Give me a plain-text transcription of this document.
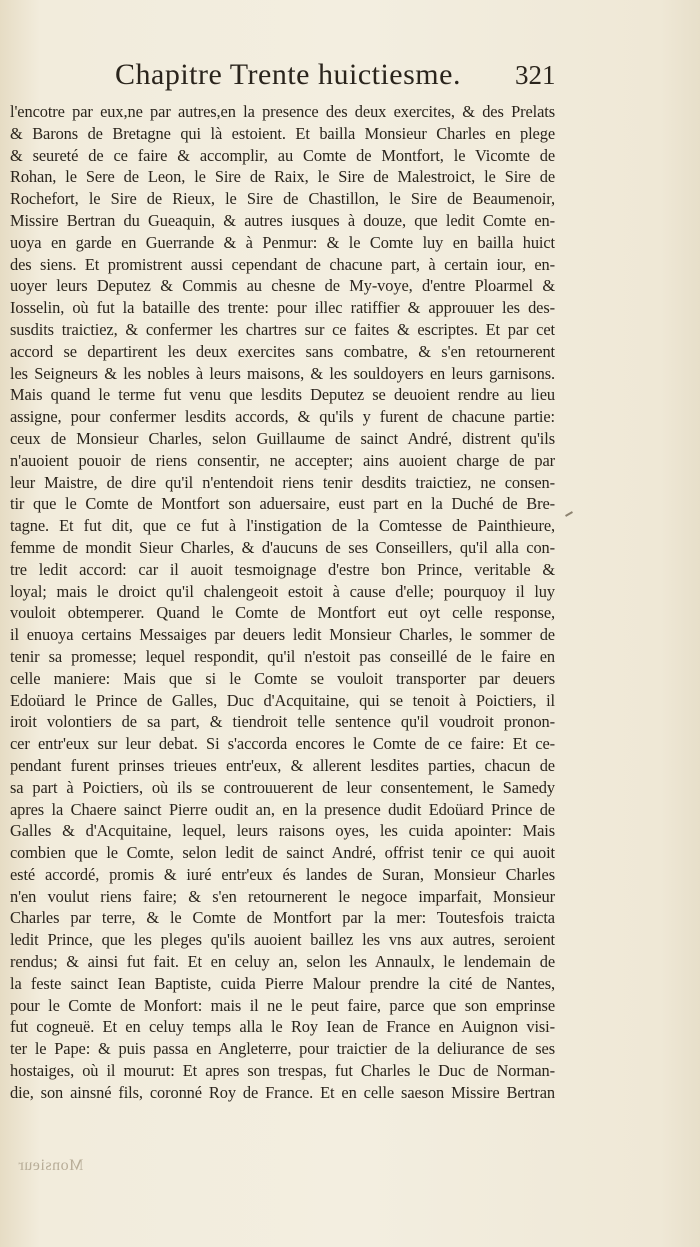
Chapitre Trente huictiesme. 321
l'encotre par eux,ne par autres,en la presence des deux exercites, & des Prelats
& Barons de Bretagne qui là estoient. Et bailla Monsieur Charles en plege
& seureté de ce faire & accomplir, au Comte de Montfort, le Vicomte de
Rohan, le Sere de Leon, le Sire de Raix, le Sire de Malestroict, le Sire de
Rochefort, le Sire de Rieux, le Sire de Chastillon, le Sire de Beaumenoir,
Missire Bertran du Gueaquin, & autres iusques à douze, que ledit Comte en-
uoya en garde en Guerrande & à Penmur: & le Comte luy en bailla huict
des siens. Et promistrent aussi cependant de chacune part, à certain iour, en-
uoyer leurs Deputez & Commis au chesne de My-voye, d'entre Ploarmel &
Iosselin, où fut la bataille des trente: pour illec ratiffier & approuuer les des-
susdits traictiez, & confermer les chartres sur ce faites & escriptes. Et par cet
accord se departirent les deux exercites sans combatre, & s'en retournerent
les Seigneurs & les nobles à leurs maisons, & les souldoyers en leurs garnisons.
Mais quand le terme fut venu que lesdits Deputez se deuoient rendre au lieu
assigne, pour confermer lesdits accords, & qu'ils y furent de chacune partie:
ceux de Monsieur Charles, selon Guillaume de sainct André, distrent qu'ils
n'auoient pouoir de riens consentir, ne accepter; ains auoient charge de par
leur Maistre, de dire qu'il n'entendoit riens tenir desdits traictiez, ne consen-
tir que le Comte de Montfort son aduersaire, eust part en la Duché de Bre-
tagne. Et fut dit, que ce fut à l'instigation de la Comtesse de Painthieure,
femme de mondit Sieur Charles, & d'aucuns de ses Conseillers, qu'il alla con-
tre ledit accord: car il auoit tesmoignage d'estre bon Prince, veritable &
loyal; mais le droict qu'il chalengeoit estoit à cause d'elle; pourquoy il luy
vouloit obtemperer. Quand le Comte de Montfort eut oyt celle response,
il enuoya certains Messaiges par deuers ledit Monsieur Charles, le sommer de
tenir sa promesse; lequel respondit, qu'il n'estoit pas conseillé de le faire en
celle maniere: Mais que si le Comte se vouloit transporter par deuers
Edoüard le Prince de Galles, Duc d'Acquitaine, qui se tenoit à Poictiers, il
iroit volontiers de sa part, & tiendroit telle sentence qu'il voudroit pronon-
cer entr'eux sur leur debat. Si s'accorda encores le Comte de ce faire: Et ce-
pendant furent prinses trieues entr'eux, & allerent lesdites parties, chacun de
sa part à Poictiers, où ils se controuuerent de leur consentement, le Samedy
apres la Chaere sainct Pierre oudit an, en la presence dudit Edoüard Prince de
Galles & d'Acquitaine, lequel, leurs raisons oyes, les cuida apointer: Mais
combien que le Comte, selon ledit de sainct André, offrist tenir ce qui auoit
esté accordé, promis & iuré entr'eux és landes de Suran, Monsieur Charles
n'en voulut riens faire; & s'en retournerent le negoce imparfait, Monsieur
Charles par terre, & le Comte de Montfort par la mer: Toutesfois traicta
ledit Prince, que les pleges qu'ils auoient baillez les vns aux autres, seroient
rendus; & ainsi fut fait. Et en celuy an, selon les Annaulx, le lendemain de
la feste sainct Iean Baptiste, cuida Pierre Malour prendre la cité de Nantes,
pour le Comte de Monfort: mais il ne le peut faire, parce que son emprinse
fut cogneuë. Et en celuy temps alla le Roy Iean de France en Auignon visi-
ter le Pape: & puis passa en Angleterre, pour traictier de la deliurance de ses
hostaiges, où il mourut: Et apres son trespas, fut Charles le Duc de Norman-
die, son ainsné fils, coronné Roy de France. Et en celle saeson Missire Bertran
Monsieur
